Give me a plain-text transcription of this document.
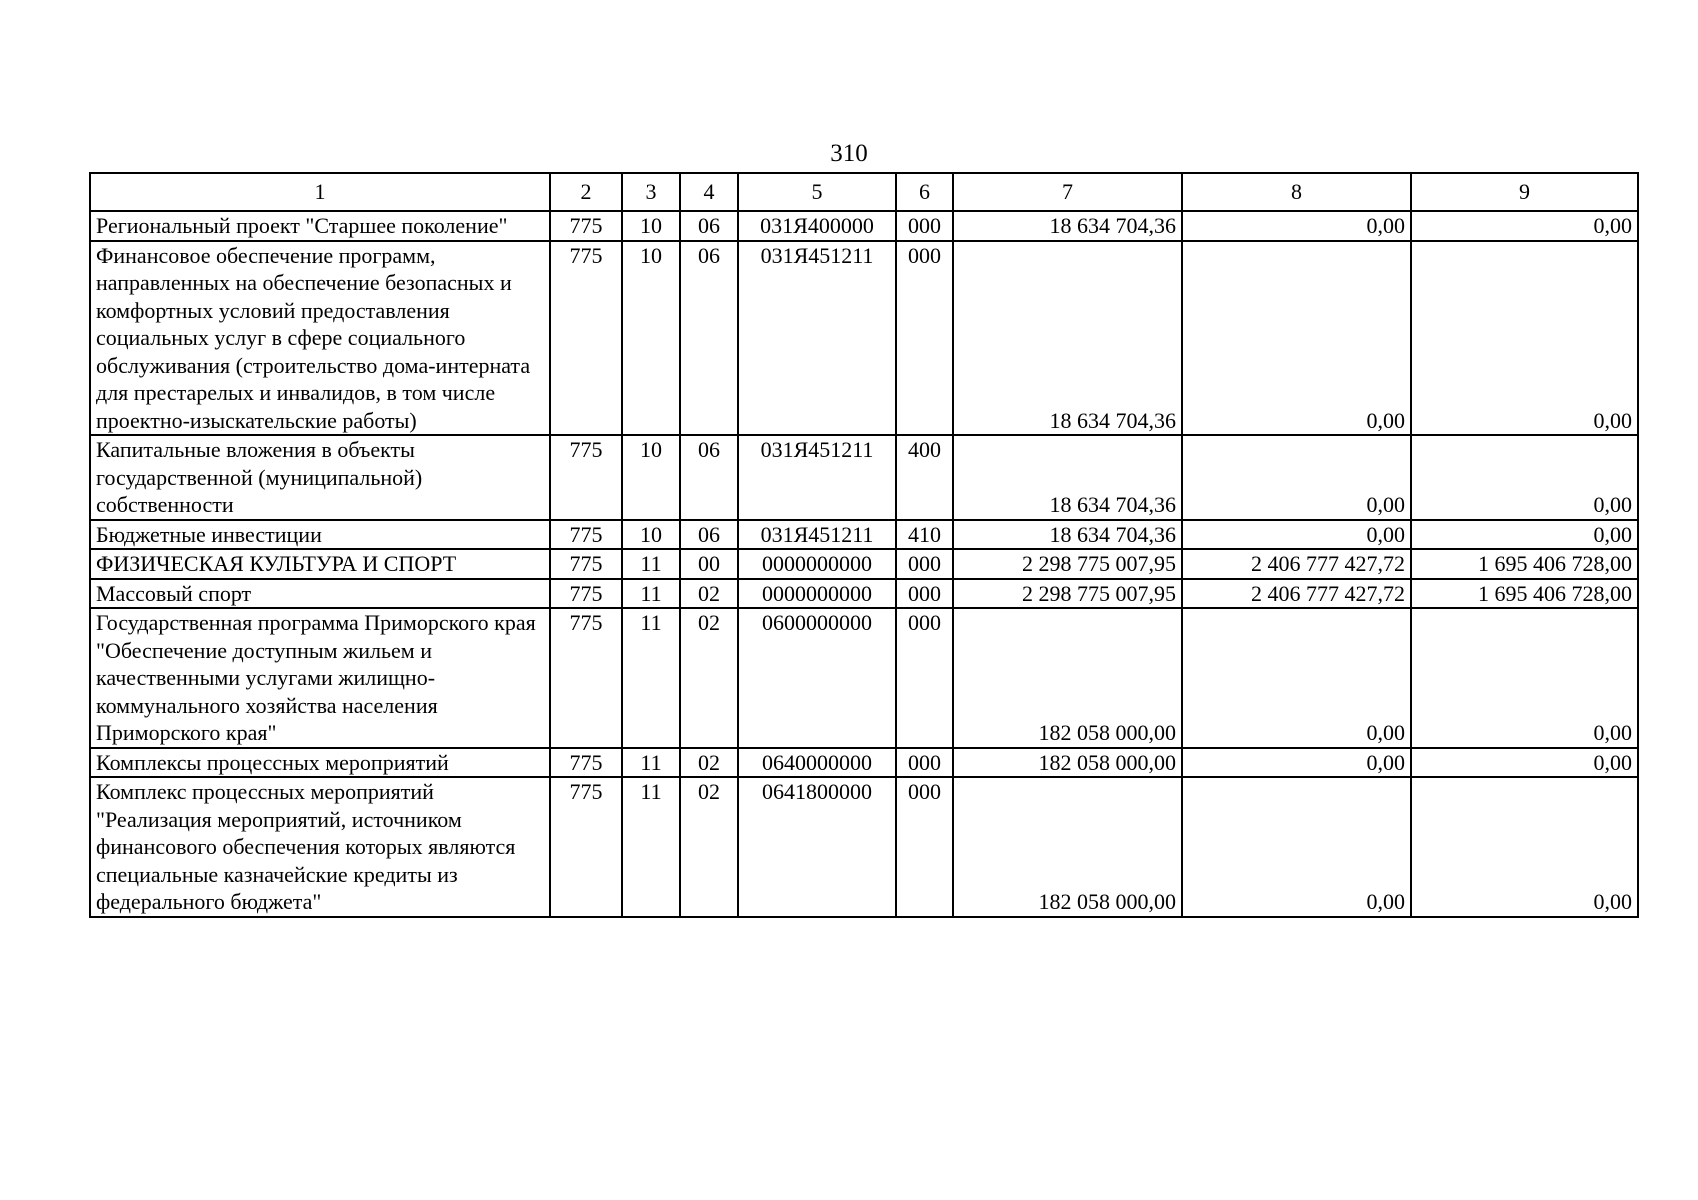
310
1	2	3	4	5	6	7	8	9
Региональный проект "Старшее поколение"	775	10	06	031Я400000	000	18 634 704,36	0,00	0,00
Финансовое обеспечение программ, направленных на обеспечение безопасных и комфортных условий предоставления социальных услуг в сфере социального обслуживания (строительство дома-интерната для престарелых и инвалидов, в том числе проектно-изыскательские работы)	775	10	06	031Я451211	000	18 634 704,36	0,00	0,00
Капитальные вложения в объекты государственной (муниципальной) собственности	775	10	06	031Я451211	400	18 634 704,36	0,00	0,00
Бюджетные инвестиции	775	10	06	031Я451211	410	18 634 704,36	0,00	0,00
ФИЗИЧЕСКАЯ КУЛЬТУРА И СПОРТ	775	11	00	0000000000	000	2 298 775 007,95	2 406 777 427,72	1 695 406 728,00
Массовый спорт	775	11	02	0000000000	000	2 298 775 007,95	2 406 777 427,72	1 695 406 728,00
Государственная программа Приморского края "Обеспечение доступным жильем и качественными услугами жилищно-коммунального хозяйства населения Приморского края"	775	11	02	0600000000	000	182 058 000,00	0,00	0,00
Комплексы процессных мероприятий	775	11	02	0640000000	000	182 058 000,00	0,00	0,00
Комплекс процессных мероприятий "Реализация мероприятий, источником финансового обеспечения которых являются специальные казначейские кредиты из федерального бюджета"	775	11	02	0641800000	000	182 058 000,00	0,00	0,00
